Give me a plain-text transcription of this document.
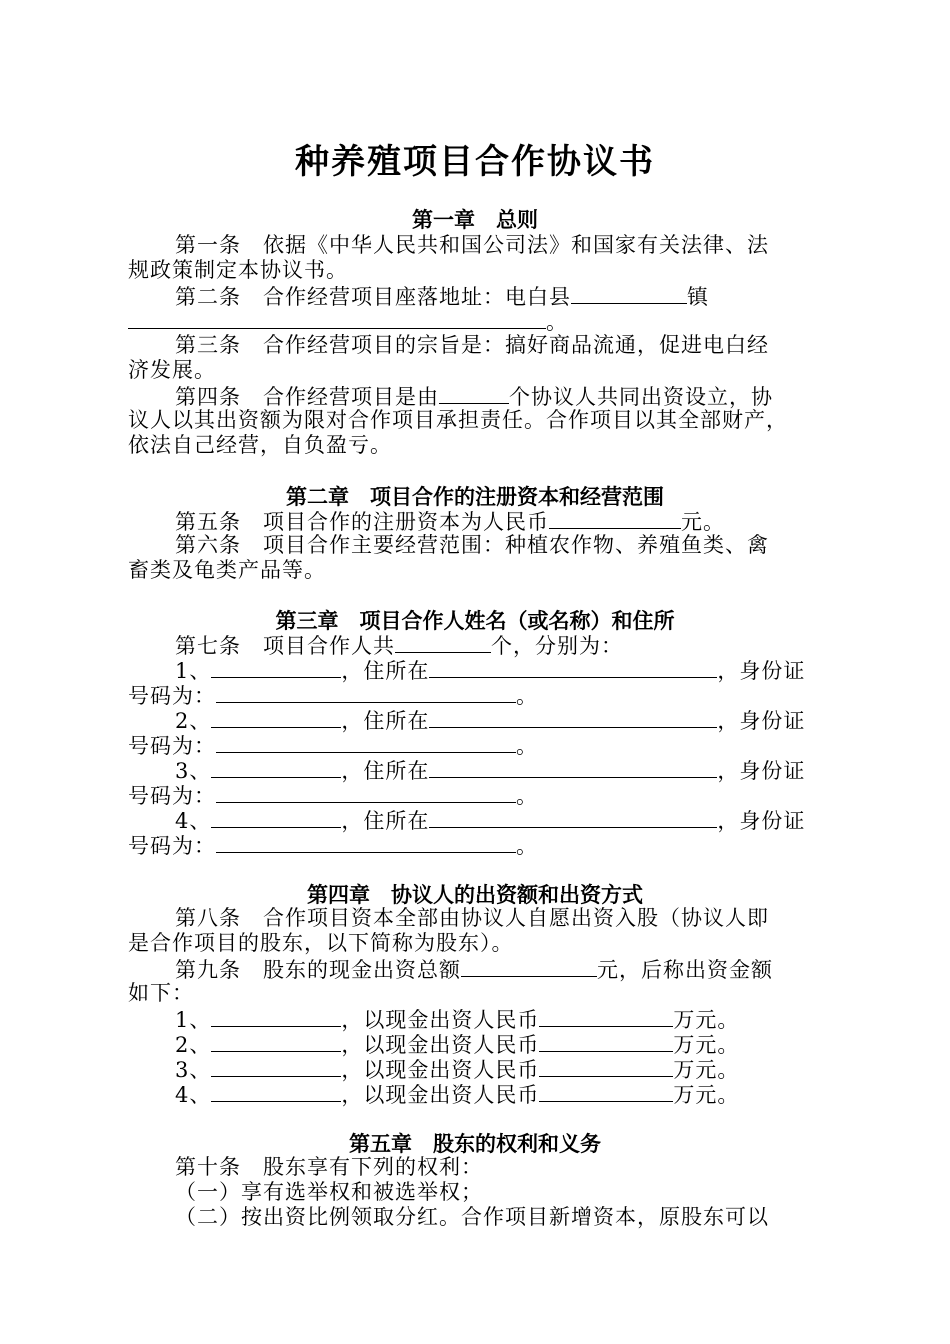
种养殖项目合作协议书
第一章　总则
第一条　依据《中华人民共和国公司法》和国家有关法律、法
规政策制定本协议书。
第二条　合作经营项目座落地址：电白县	镇
。
第三条　合作经营项目的宗旨是：搞好商品流通，促进电白经
济发展。
第四条　合作经营项目是由	个协议人共同出资设立，协
议人以其出资额为限对合作项目承担责任。合作项目以其全部财产，
依法自己经营，自负盈亏。
第二章　项目合作的注册资本和经营范围
第五条　项目合作的注册资本为人民币	元。
第六条　项目合作主要经营范围：种植农作物、养殖鱼类、禽
畜类及龟类产品等。
第三章　项目合作人姓名（或名称）和住所
第七条　项目合作人共	个，分别为：
1、	，住所在	，身份证
号码为：	。
2、	，住所在	，身份证
号码为：	。
3、	，住所在	，身份证
号码为：	。
4、	，住所在	，身份证
号码为：	。
第四章　协议人的出资额和出资方式
第八条　合作项目资本全部由协议人自愿出资入股（协议人即
是合作项目的股东，以下简称为股东）。
第九条　股东的现金出资总额	元，后称出资金额
如下：
1、	，以现金出资人民币	万元。
2、	，以现金出资人民币	万元。
3、	，以现金出资人民币	万元。
4、	，以现金出资人民币	万元。
第五章　股东的权利和义务
第十条　股东享有下列的权利：
（一）享有选举权和被选举权；
（二）按出资比例领取分红。合作项目新增资本，原股东可以
